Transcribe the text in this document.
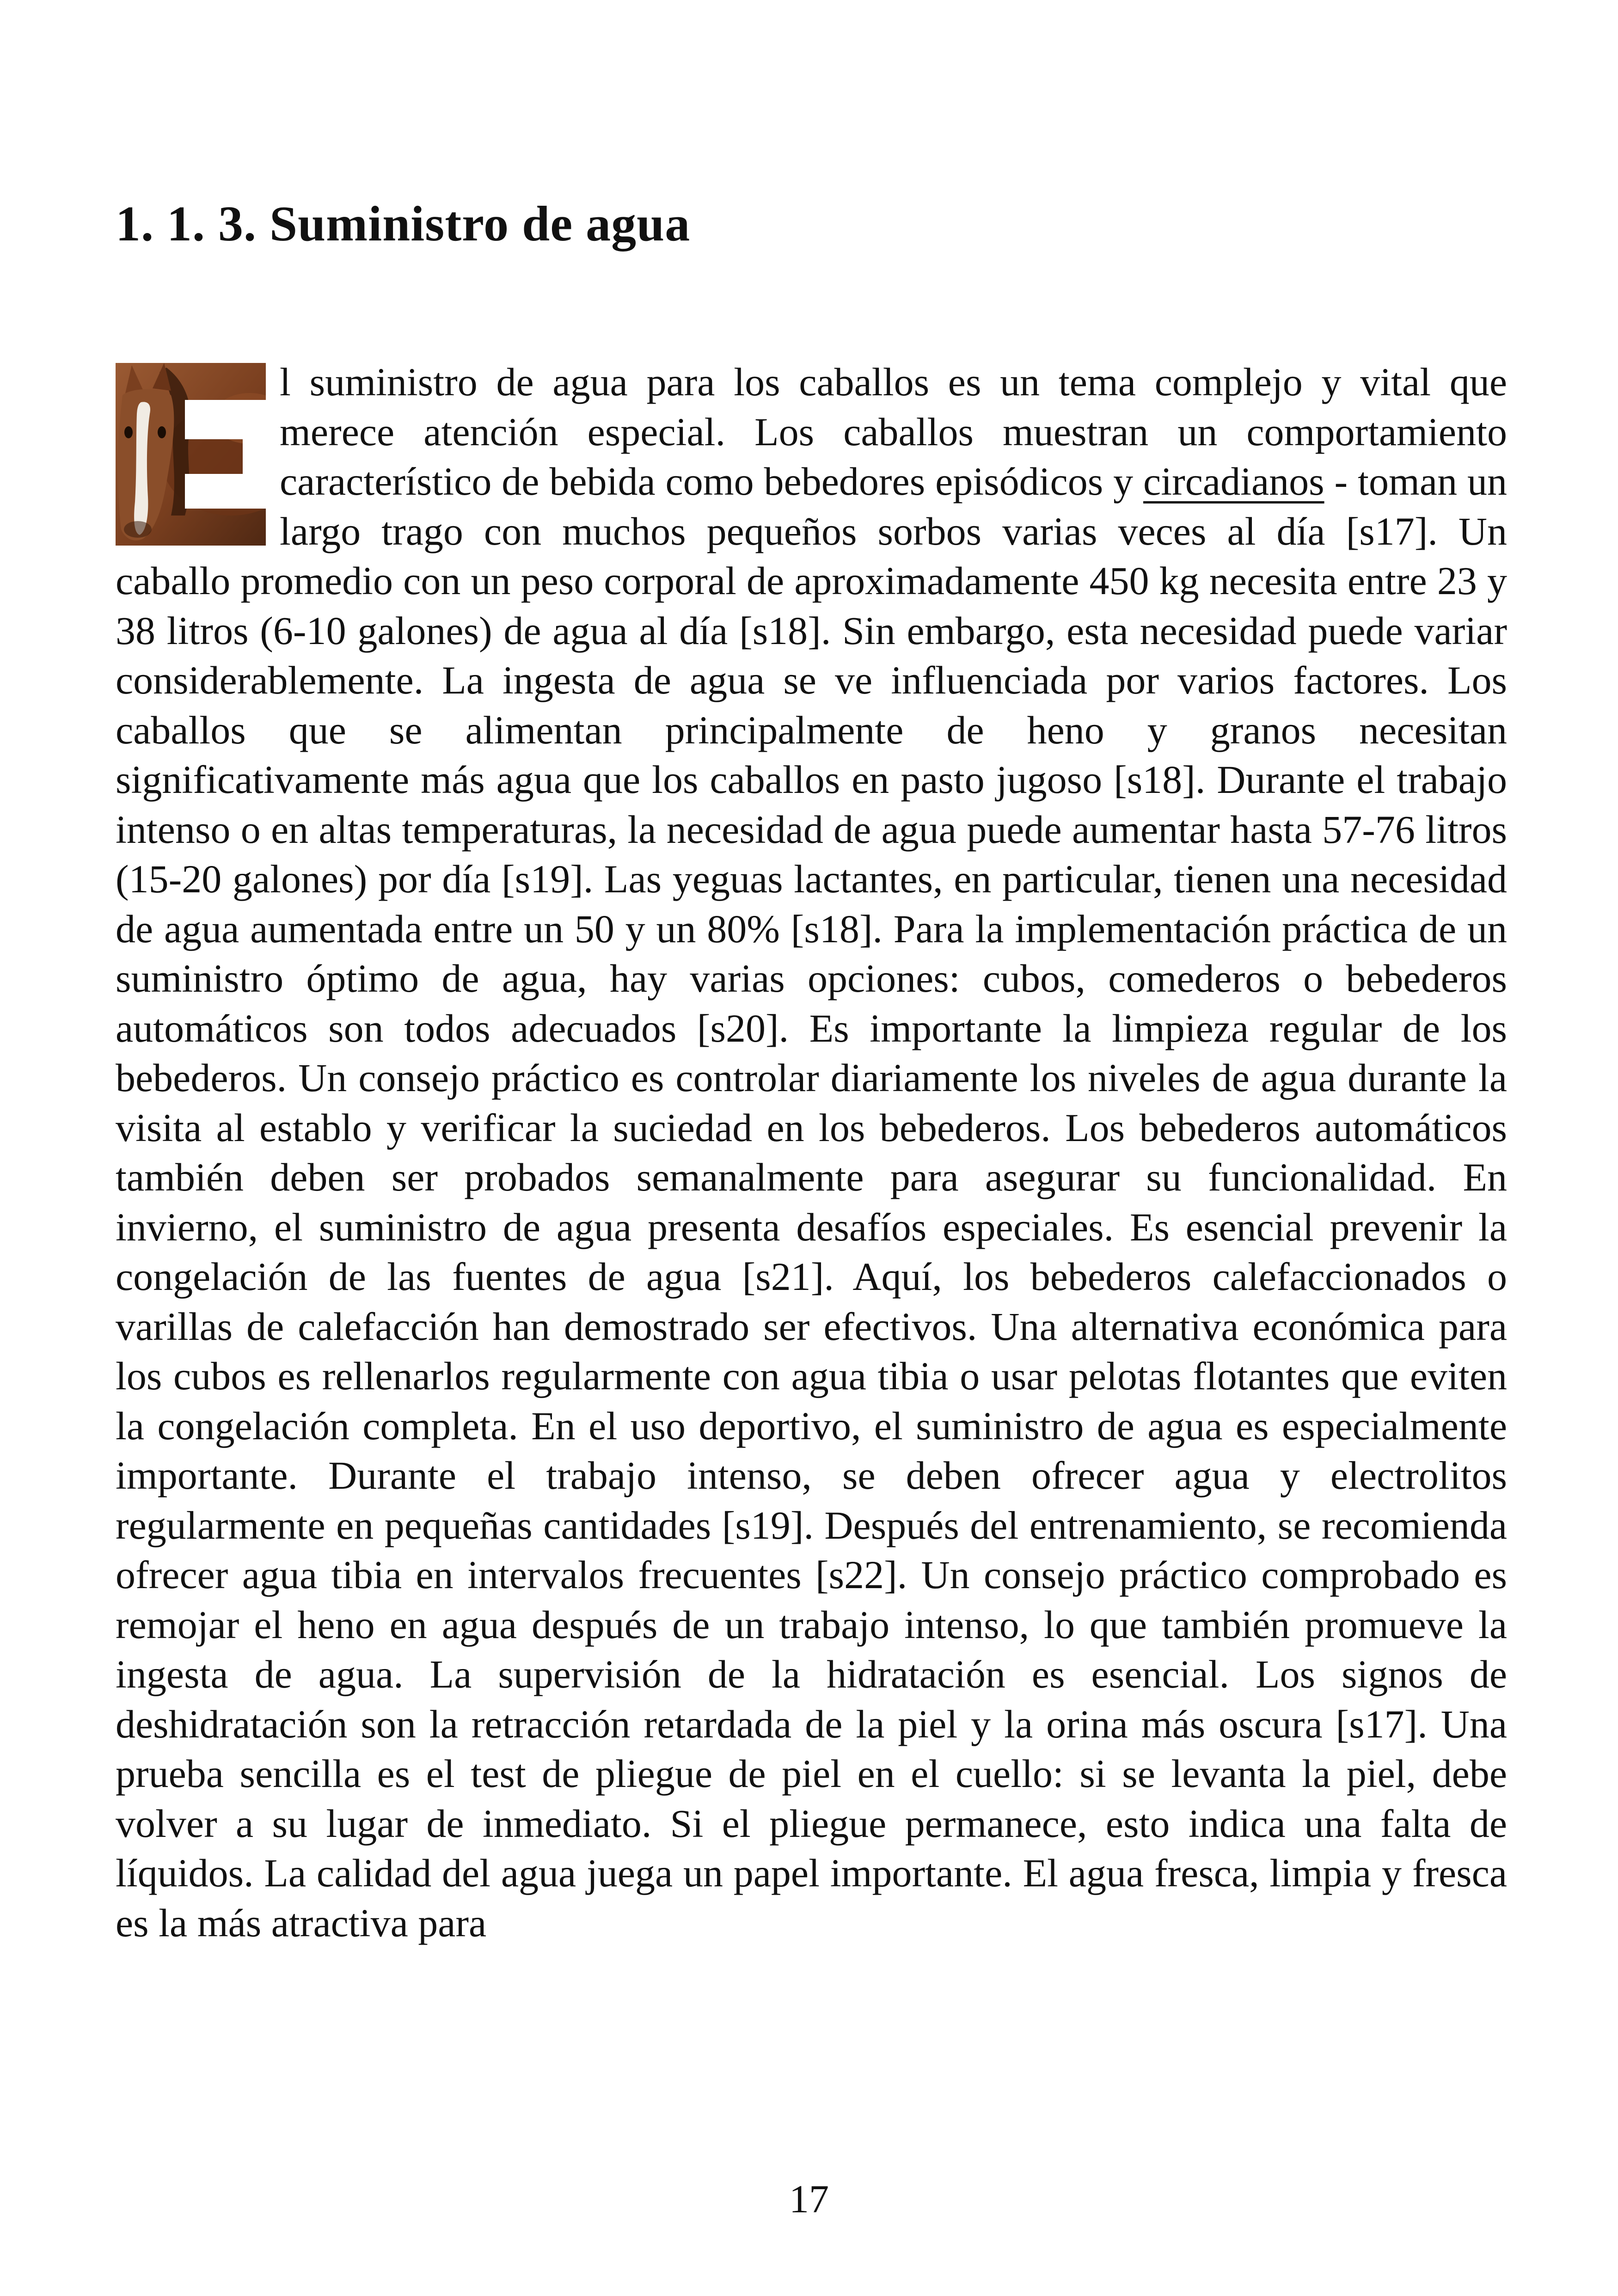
1. 1. 3. Suministro de agua
l suministro de agua para los caballos es un tema complejo y vital que merece atención especial. Los caballos muestran un comportamiento característico de bebida como bebedores episódicos y circadianos - toman un largo trago con muchos pequeños sorbos varias veces al día [s17]. Un caballo promedio con un peso corporal de aproximadamente 450 kg necesita entre 23 y 38 litros (6-10 galones) de agua al día [s18]. Sin embargo, esta necesidad puede variar considerablemente. La ingesta de agua se ve influenciada por varios factores. Los caballos que se alimentan principalmente de heno y granos necesitan significativamente más agua que los caballos en pasto jugoso [s18]. Durante el trabajo intenso o en altas temperaturas, la necesidad de agua puede aumentar hasta 57-76 litros (15-20 galones) por día [s19]. Las yeguas lactantes, en particular, tienen una necesidad de agua aumentada entre un 50 y un 80% [s18]. Para la implementación práctica de un suministro óptimo de agua, hay varias opciones: cubos, comederos o bebederos automáticos son todos adecuados [s20]. Es importante la limpieza regular de los bebederos. Un consejo práctico es controlar diariamente los niveles de agua durante la visita al establo y verificar la suciedad en los bebederos. Los bebederos automáticos también deben ser probados semanalmente para asegurar su funcionalidad. En invierno, el suministro de agua presenta desafíos especiales. Es esencial prevenir la congelación de las fuentes de agua [s21]. Aquí, los bebederos calefaccionados o varillas de calefacción han demostrado ser efectivos. Una alternativa económica para los cubos es rellenarlos regularmente con agua tibia o usar pelotas flotantes que eviten la congelación completa. En el uso deportivo, el suministro de agua es especialmente importante. Durante el trabajo intenso, se deben ofrecer agua y electrolitos regularmente en pequeñas cantidades [s19]. Después del entrenamiento, se recomienda ofrecer agua tibia en intervalos frecuentes [s22]. Un consejo práctico comprobado es remojar el heno en agua después de un trabajo intenso, lo que también promueve la ingesta de agua. La supervisión de la hidratación es esencial. Los signos de deshidratación son la retracción retardada de la piel y la orina más oscura [s17]. Una prueba sencilla es el test de pliegue de piel en el cuello: si se levanta la piel, debe volver a su lugar de inmediato. Si el pliegue permanece, esto indica una falta de líquidos. La calidad del agua juega un papel importante. El agua fresca, limpia y fresca es la más atractiva para
17
